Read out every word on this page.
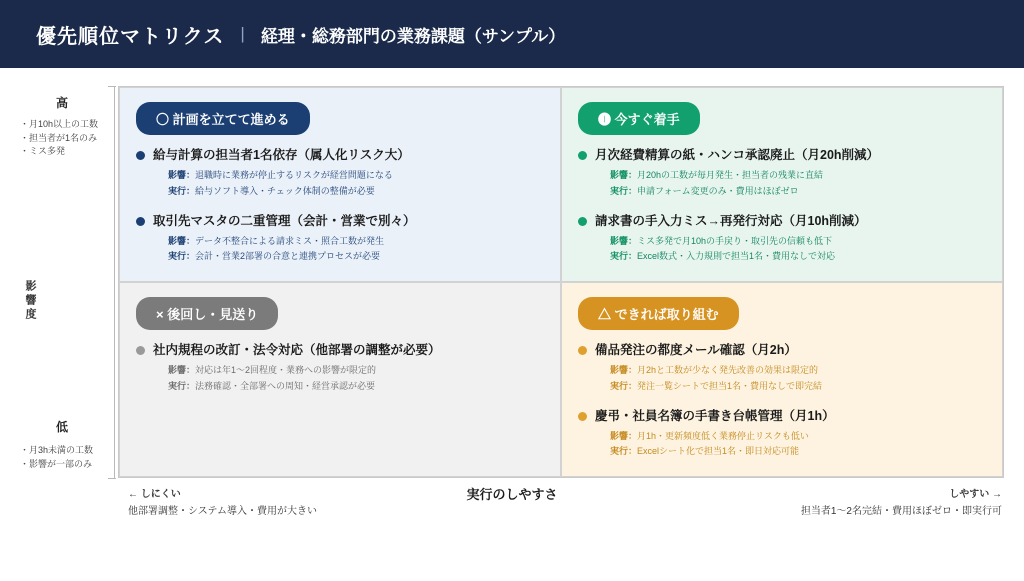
優先順位マトリクス | 経理・総務部門の業務課題（サンプル）
影響度
高
低
・月10h以上の工数
・担当者が1名のみ
・ミス多発
・月3h未満の工数
・影響が一部のみ
〇 計画を立てて進める
給与計算の担当者1名依存（属人化リスク大）
影響：退職時に業務が停止するリスクが経営問題になる
実行：給与ソフト導入・チェック体制の整備が必要
取引先マスタの二重管理（会計・営業で別々）
影響：データ不整合による請求ミス・照合工数が発生
実行：会計・営業2部署の合意と連携プロセスが必要
❶ 今すぐ着手
月次経費精算の紙・ハンコ承認廃止（月20h削減）
影響：月20hの工数が毎月発生・担当者の残業に直結
実行：申請フォーム変更のみ・費用はほぼゼロ
請求書の手入力ミス→再発行対応（月10h削減）
影響：ミス多発で月10hの手戻り・取引先の信頼も低下
実行：Excel数式・入力規則で担当1名・費用なしで対応
× 後回し・見送り
社内規程の改訂・法令対応（他部署の調整が必要）
影響：対応は年1〜2回程度・業務への影響が限定的
実行：法務確認・全部署への周知・経営承認が必要
△ できれば取り組む
備品発注の都度メール確認（月2h）
影響：月2hと工数が少なく発先改善の効果は限定的
実行：発注一覧シートで担当1名・費用なしで即完結
慶弔・社員名簿の手書き台帳管理（月1h）
影響：月1h・更新頻度低く業務停止リスクも低い
実行：Excelシート化で担当1名・即日対応可能
実行のしやすさ
← しにくい
他部署調整・システム導入・費用が大きい
しやすい →
担当者1〜2名完結・費用ほぼゼロ・即実行可
